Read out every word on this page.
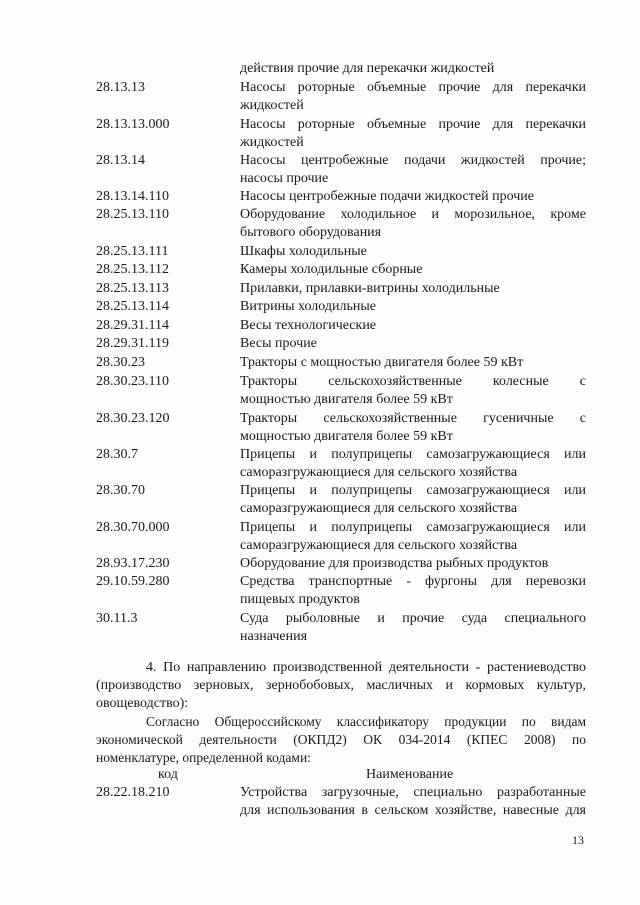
действия прочие для перекачки жидкостей
28.13.13	Насосы роторные объемные прочие для перекачки
жидкостей
28.13.13.000	Насосы роторные объемные прочие для перекачки
жидкостей
28.13.14	Насосы центробежные подачи жидкостей прочие;
насосы прочие
28.13.14.110	Насосы центробежные подачи жидкостей прочие
28.25.13.110	Оборудование холодильное и морозильное, кроме
бытового оборудования
28.25.13.111	Шкафы холодильные
28.25.13.112	Камеры холодильные сборные
28.25.13.113	Прилавки, прилавки-витрины холодильные
28.25.13.114	Витрины холодильные
28.29.31.114	Весы технологические
28.29.31.119	Весы прочие
28.30.23	Тракторы с мощностью двигателя более 59 кВт
28.30.23.110	Тракторы сельскохозяйственные колесные с
мощностью двигателя более 59 кВт
28.30.23.120	Тракторы сельскохозяйственные гусеничные с
мощностью двигателя более 59 кВт
28.30.7	Прицепы и полуприцепы самозагружающиеся или
саморазгружающиеся для сельского хозяйства
28.30.70	Прицепы и полуприцепы самозагружающиеся или
саморазгружающиеся для сельского хозяйства
28.30.70.000	Прицепы и полуприцепы самозагружающиеся или
саморазгружающиеся для сельского хозяйства
28.93.17.230	Оборудование для производства рыбных продуктов
29.10.59.280	Средства транспортные - фургоны для перевозки
пищевых продуктов
30.11.3	Суда рыболовные и прочие суда специального
назначения
4. По направлению производственной деятельности - растениеводство
(производство зерновых, зернобобовых, масличных и кормовых культур,
овощеводство):
Согласно Общероссийскому классификатору продукции по видам
экономической деятельности (ОКПД2) ОК 034-2014 (КПЕС 2008) по
номенклатуре, определенной кодами:
код	Наименование
28.22.18.210	Устройства загрузочные, специально разработанные
для использования в сельском хозяйстве, навесные для
13
